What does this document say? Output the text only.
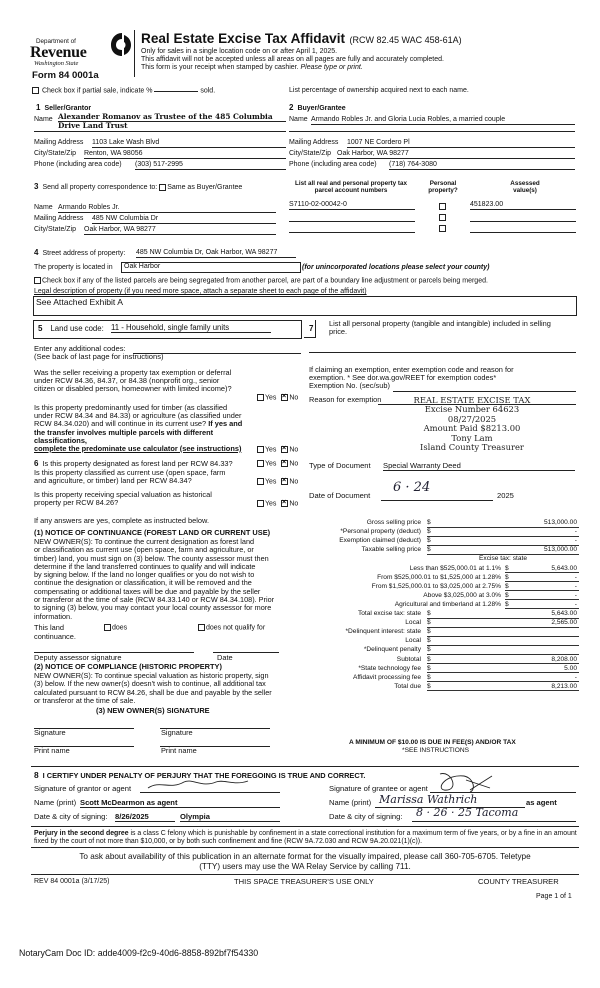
Department of
Revenue
Washington State
Form 84 0001a
Real Estate Excise Tax Affidavit (RCW 82.45 WAC 458-61A)
Only for sales in a single location code on or after April 1, 2025.
This affidavit will not be accepted unless all areas on all pages are fully and accurately completed.
This form is your receipt when stamped by cashier. Please type or print.
Check box if partial sale, indicate %	sold.	List percentage of ownership acquired next to each name.
1 Seller/Grantor
Name Alexander Romanov as Trustee of the 485 Columbia
Drive Land Trust
Mailing Address 1103 Lake Wash Blvd
City/State/Zip Renton, WA 98056
Phone (including area code) (303) 517-2995
2 Buyer/Grantee
Name Armando Robles Jr. and Gloria Lucia Robles, a married couple
Mailing Address 1007 NE Cordero Pl
City/State/Zip Oak Harbor, WA 98277
Phone (including area code) (718) 764-3080
3 Send all property correspondence to: Same as Buyer/Grantee
Name Armando Robles Jr.
Mailing Address 485 NW Columbia Dr
City/State/Zip Oak Harbor, WA 98277
List all real and personal property tax
parcel account numbers
Personal
property?
Assessed
value(s)
S7110-02-00042-0	451823.00
4 Street address of property: 485 NW Columbia Dr, Oak Harbor, WA 98277
The property is located in	Oak Harbor	(for unincorporated locations please select your county)
Check box if any of the listed parcels are being segregated from another parcel, are part of a boundary line adjustment or parcels being merged.
Legal description of property (if you need more space, attach a separate sheet to each page of the affidavit)
See Attached Exhibit A
5 Land use code: 11 - Household, single family units
Enter any additional codes:
(See back of last page for instructions)
Was the seller receiving a property tax exemption or deferral
under RCW 84.36, 84.37, or 84.38 (nonprofit org., senior
citizen or disabled person, homeowner with limited income)?
Yes × No
Is this property predominantly used for timber (as classified
under RCW 84.34 and 84.33) or agriculture (as classified under
RCW 84.34.020) and will continue in its current use? If yes and
the transfer involves multiple parcels with different classifications,
complete the predominate use calculator (see instructions)	Yes × No
6 Is this property designated as forest land per RCW 84.33?	Yes × No
Is this property classified as current use (open space, farm
and agriculture, or timber) land per RCW 84.34?	Yes × No
Is this property receiving special valuation as historical
property per RCW 84.26?	Yes × No
If any answers are yes, complete as instructed below.
(1) NOTICE OF CONTINUANCE (FOREST LAND OR CURRENT USE)
NEW OWNER(S): To continue the current designation as forest land
or classification as current use (open space, farm and agriculture, or
timber) land, you must sign on (3) below. The county assessor must then
determine if the land transferred continues to qualify and will indicate
by signing below. If the land no longer qualifies or you do not wish to
continue the designation or classification, it will be removed and the
compensating or additional taxes will be due and payable by the seller
or transferor at the time of sale (RCW 84.33.140 or RCW 84.34.108). Prior
to signing (3) below, you may contact your local county assessor for more
information.
This land	does	does not qualify for
continuance.
Deputy assessor signature	Date
(2) NOTICE OF COMPLIANCE (HISTORIC PROPERTY)
NEW OWNER(S): To continue special valuation as historic property, sign
(3) below. If the new owner(s) doesn't wish to continue, all additional tax
calculated pursuant to RCW 84.26, shall be due and payable by the seller
or transferor at the time of sale.
(3) NEW OWNER(S) SIGNATURE
Signature	Signature
Print name	Print name
7
List all personal property (tangible and intangible) included in selling
price.
If claiming an exemption, enter exemption code and reason for
exemption. * See dor.wa.gov/REET for exemption codes*
Exemption No. (sec/sub)
Reason for exemption	REAL ESTATE EXCISE TAX
Excise Number 64623
08/27/2025
Amount Paid $8213.00
Tony Lam
Island County Treasurer
Type of Document Special Warranty Deed
Date of Document
6 · 24
2025
Gross selling price $	513,000.00
*Personal property (deduct) $	-
Exemption claimed (deduct) $	-
Taxable selling price $	513,000.00
Excise tax: state
Less than $525,000.01 at 1.1% $	5,643.00
From $525,000.01 to $1,525,000 at 1.28% $	-
From $1,525,000.01 to $3,025,000 at 2.75% $	-
Above $3,025,000 at 3.0% $	-
Agricultural and timberland at 1.28% $	-
Total excise tax: state $	5,643.00
Local $	2,565.00
*Delinquent interest: state $
Local $
*Delinquent penalty $
Subtotal $	8,208.00
*State technology fee $	5.00
Affidavit processing fee $	-
Total due $	8,213.00
A MINIMUM OF $10.00 IS DUE IN FEE(S) AND/OR TAX
*SEE INSTRUCTIONS
8 I CERTIFY UNDER PENALTY OF PERJURY THAT THE FOREGOING IS TRUE AND CORRECT.
Signature of grantor or agent
Name (print) Scott McDearmon as agent
Date & city of signing: 8/26/2025	Olympia
Signature of grantee or agent
Name (print) Marissa Wathrich	as agent
Date & city of signing: 8 · 26 · 25 Tacoma
Perjury in the second degree is a class C felony which is punishable by confinement in a state correctional institution for a maximum term of five years, or by a fine in an amount fixed by the court of not more than $10,000, or by both such confinement and fine (RCW 9A.72.030 and RCW 9A.20.021(1)(c)).
To ask about availability of this publication in an alternate format for the visually impaired, please call 360-705-6705. Teletype
(TTY) users may use the WA Relay Service by calling 711.
REV 84 0001a (3/17/25)	THIS SPACE TREASURER'S USE ONLY	COUNTY TREASURER
Page 1 of 1
NotaryCam Doc ID: adde4009-f2c9-40d6-8858-892bf7f54330
